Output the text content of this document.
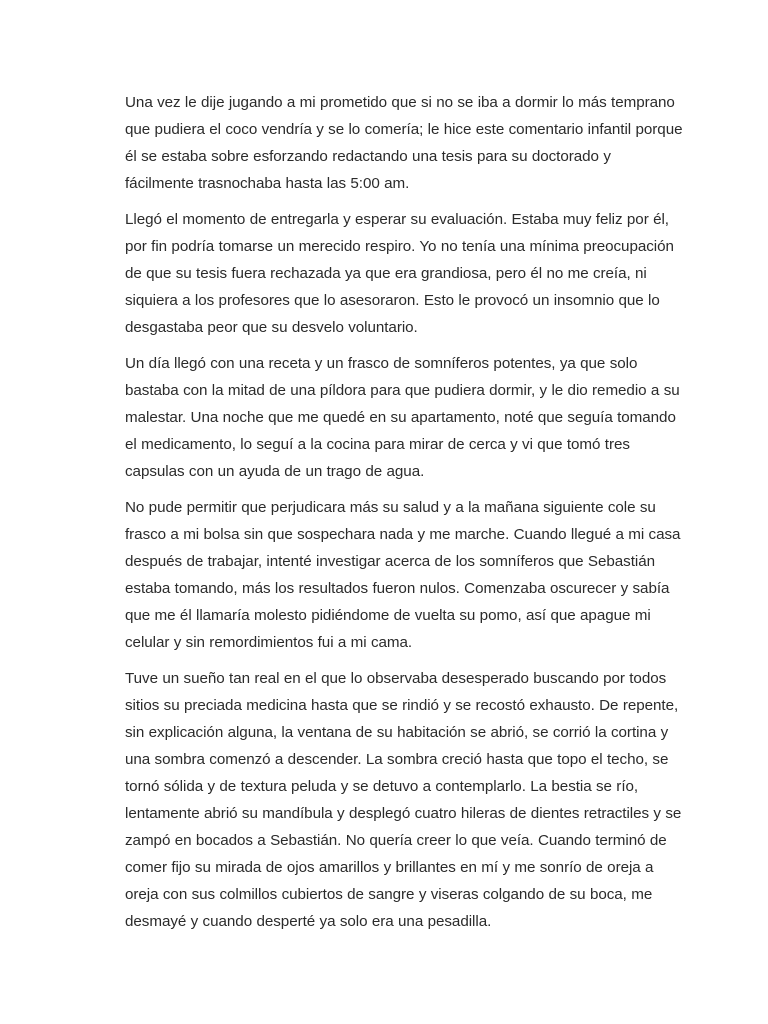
Una vez le dije jugando a mi prometido que si no se iba a dormir lo más temprano
que pudiera el coco vendría y se lo comería; le hice este comentario infantil porque
él se estaba sobre esforzando redactando una tesis para su doctorado y
fácilmente trasnochaba hasta las 5:00 am.

Llegó el momento de entregarla y esperar su evaluación. Estaba muy feliz por él,
por fin podría tomarse un merecido respiro. Yo no tenía una mínima preocupación
de que su tesis fuera rechazada ya que era grandiosa, pero él no me creía, ni
siquiera a los profesores que lo asesoraron. Esto le provocó un insomnio que lo
desgastaba peor que su desvelo voluntario.

Un día llegó con una receta y un frasco de somníferos potentes, ya que solo
bastaba con la mitad de una píldora para que pudiera dormir, y le dio remedio a su
malestar. Una noche que me quedé en su apartamento, noté que seguía tomando
el medicamento, lo seguí a la cocina para mirar de cerca y vi que tomó tres
capsulas con un ayuda de un trago de agua.

No pude permitir que perjudicara más su salud y a la mañana siguiente cole su
frasco a mi bolsa sin que sospechara nada y me marche. Cuando llegué a mi casa
después de trabajar, intenté investigar acerca de los somníferos que Sebastián
estaba tomando, más los resultados fueron nulos. Comenzaba oscurecer y sabía
que me él llamaría molesto pidiéndome de vuelta su pomo, así que apague mi
celular y sin remordimientos fui a mi cama.

Tuve un sueño tan real en el que lo observaba desesperado buscando por todos
sitios su preciada medicina hasta que se rindió y se recostó exhausto. De repente,
sin explicación alguna, la ventana de su habitación se abrió, se corrió la cortina y
una sombra comenzó a descender. La sombra creció hasta que topo el techo, se
tornó sólida y de textura peluda y se detuvo a contemplarlo. La bestia se río,
lentamente abrió su mandíbula y desplegó cuatro hileras de dientes retractiles y se
zampó en bocados a Sebastián. No quería creer lo que veía. Cuando terminó de
comer fijo su mirada de ojos amarillos y brillantes en mí y me sonrío de oreja a
oreja con sus colmillos cubiertos de sangre y viseras colgando de su boca, me
desmayé y cuando desperté ya solo era una pesadilla.
